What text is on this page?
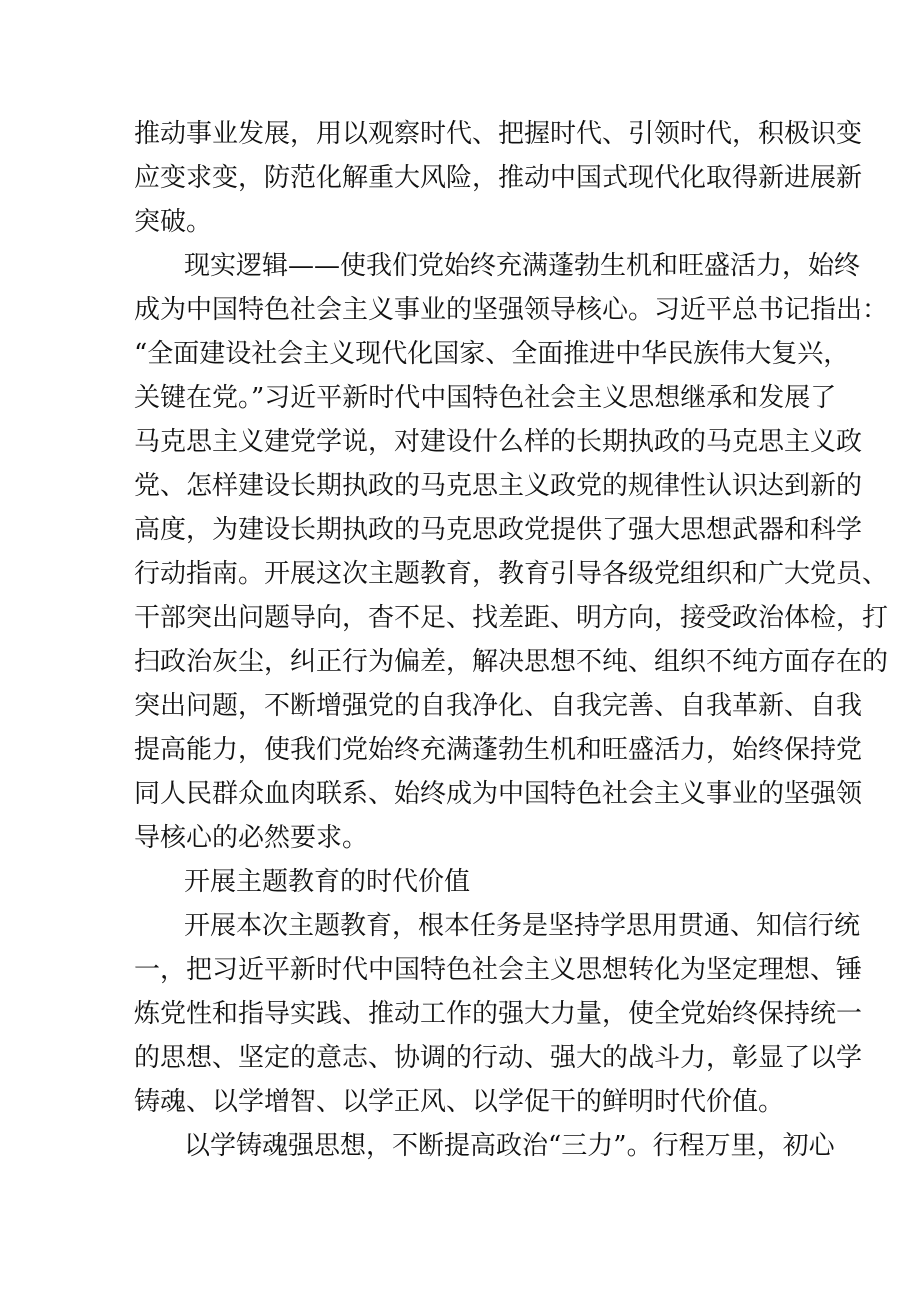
推动事业发展，用以观察时代、把握时代、引领时代，积极识变
应变求变，防范化解重大风险，推动中国式现代化取得新进展新
突破。
现实逻辑——使我们党始终充满蓬勃生机和旺盛活力，始终
成为中国特色社会主义事业的坚强领导核心。习近平总书记指出：
“全面建设社会主义现代化国家、全面推进中华民族伟大复兴，
关键在党。”习近平新时代中国特色社会主义思想继承和发展了
马克思主义建党学说，对建设什么样的长期执政的马克思主义政
党、怎样建设长期执政的马克思主义政党的规律性认识达到新的
高度，为建设长期执政的马克思政党提供了强大思想武器和科学
行动指南。开展这次主题教育，教育引导各级党组织和广大党员、
干部突出问题导向，杳不足、找差距、明方向，接受政治体检，打
扫政治灰尘，纠正行为偏差，解决思想不纯、组织不纯方面存在的
突出问题，不断增强党的自我净化、自我完善、自我革新、自我
提高能力，使我们党始终充满蓬勃生机和旺盛活力，始终保持党
同人民群众血肉联系、始终成为中国特色社会主义事业的坚强领
导核心的必然要求。
开展主题教育的时代价值
开展本次主题教育，根本任务是坚持学思用贯通、知信行统
一，把习近平新时代中国特色社会主义思想转化为坚定理想、锤
炼党性和指导实践、推动工作的强大力量，使全党始终保持统一
的思想、坚定的意志、协调的行动、强大的战斗力，彰显了以学
铸魂、以学增智、以学正风、以学促干的鲜明时代价值。
以学铸魂强思想，不断提高政治“三力”。行程万里，初心
